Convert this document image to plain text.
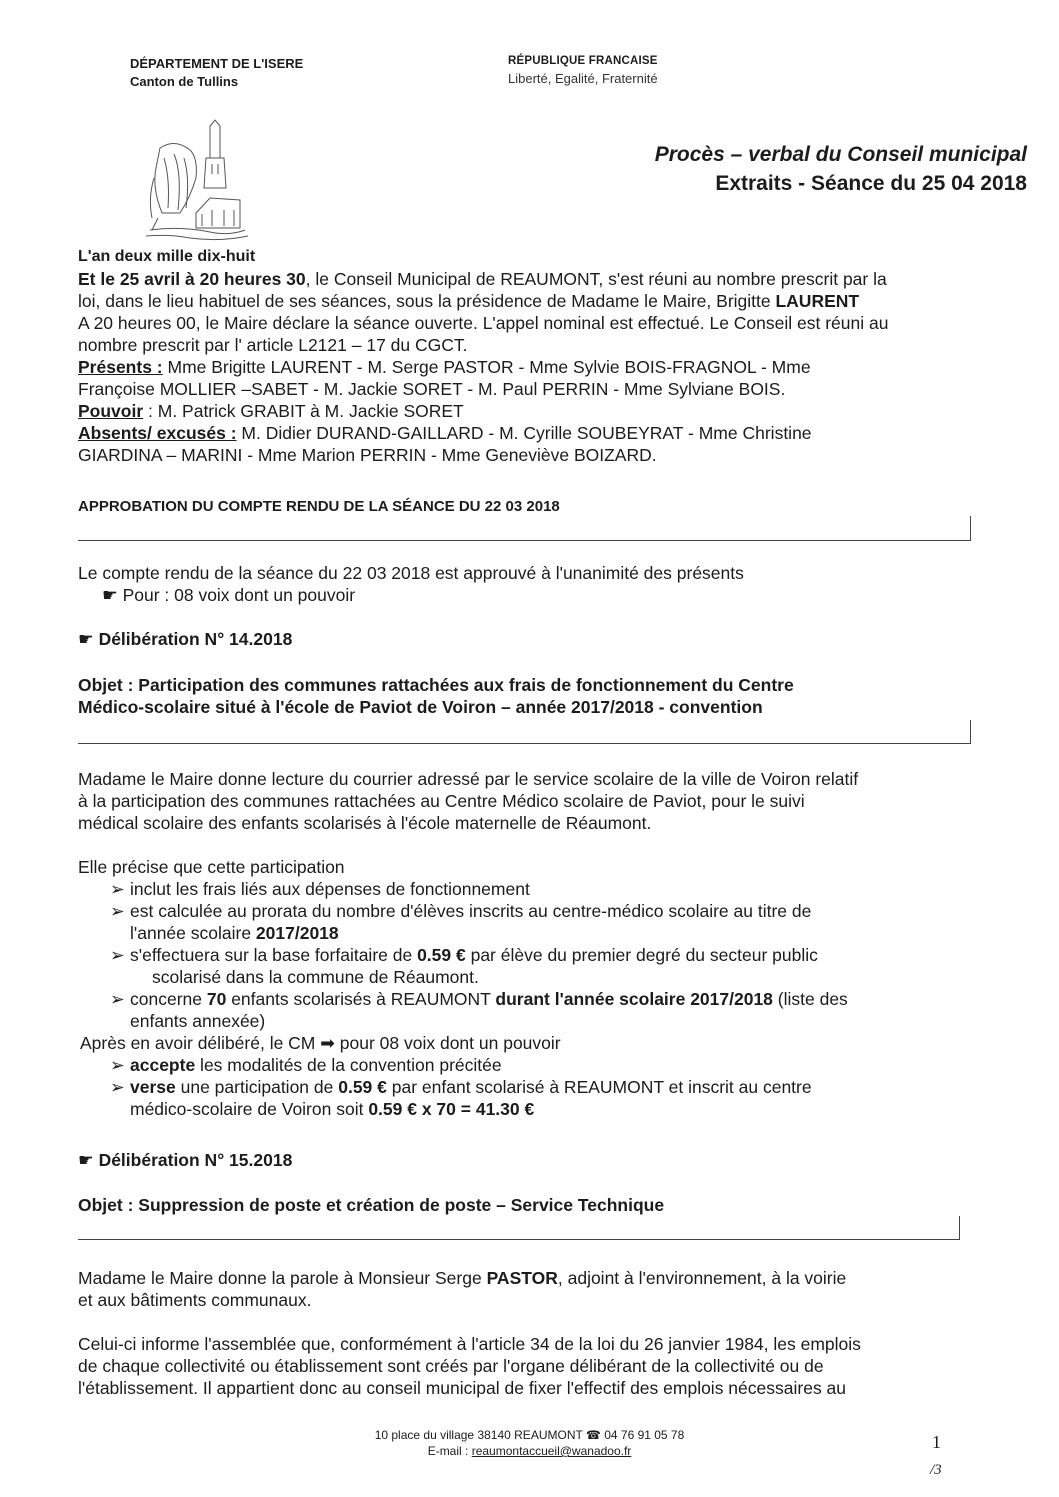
DÉPARTEMENT DE L'ISERE
Canton de Tullins
RÉPUBLIQUE FRANCAISE
Liberté, Egalité, Fraternité
Procès – verbal du Conseil municipal
Extraits - Séance du 25 04 2018

L'an deux mille dix-huit

Et le 25 avril à 20 heures 30, le Conseil Municipal de REAUMONT, s'est réuni au nombre prescrit par la

loi, dans le lieu habituel de ses séances, sous la présidence de Madame le Maire, Brigitte LAURENT

A 20 heures 00, le Maire déclare la séance ouverte. L'appel nominal est effectué. Le Conseil est réuni au

nombre prescrit par l' article L2121 – 17 du CGCT.

Présents : Mme Brigitte LAURENT - M. Serge PASTOR - Mme Sylvie BOIS-FRAGNOL - Mme

Françoise MOLLIER –SABET - M. Jackie SORET - M. Paul PERRIN - Mme Sylviane BOIS.

Pouvoir : M. Patrick GRABIT à M. Jackie SORET

Absents/ excusés : M. Didier DURAND-GAILLARD - M. Cyrille SOUBEYRAT - Mme Christine

GIARDINA – MARINI - Mme Marion PERRIN - Mme Geneviève BOIZARD.

APPROBATION DU COMPTE RENDU DE LA SÉANCE DU 22 03 2018

Le compte rendu de la séance du 22 03 2018 est approuvé à l'unanimité des présents

☛ Pour : 08 voix dont un pouvoir

☛ Délibération N° 14.2018

Objet : Participation des communes rattachées aux frais de fonctionnement du Centre

Médico-scolaire situé à l'école de Paviot de Voiron – année 2017/2018 - convention

Madame le Maire donne lecture du courrier adressé par le service scolaire de la ville de Voiron relatif

à la participation des communes rattachées au Centre Médico scolaire de Paviot, pour le suivi

médical scolaire des enfants scolarisés à l'école maternelle de Réaumont.

Elle précise que cette participation

➢ inclut les frais liés aux dépenses de fonctionnement
➢ est calculée au prorata du nombre d'élèves inscrits au centre-médico scolaire au titre de
l'année scolaire 2017/2018
➢ s'effectuera sur la base forfaitaire de 0.59 € par élève du premier degré du secteur public
scolarisé dans la commune de Réaumont.
➢ concerne 70 enfants scolarisés à REAUMONT durant l'année scolaire 2017/2018 (liste des
enfants annexée)

Après en avoir délibéré, le CM ➡ pour 08 voix dont un pouvoir

➢ accepte les modalités de la convention précitée
➢ verse une participation de 0.59 € par enfant scolarisé à REAUMONT et inscrit au centre
médico-scolaire de Voiron soit 0.59 € x 70 = 41.30 €
☛ Délibération N° 15.2018
Objet : Suppression de poste et création de poste – Service Technique

Madame le Maire donne la parole à Monsieur Serge PASTOR, adjoint à l'environnement, à la voirie

et aux bâtiments communaux.

Celui-ci informe l'assemblée que, conformément à l'article 34 de la loi du 26 janvier 1984, les emplois

de chaque collectivité ou établissement sont créés par l'organe délibérant de la collectivité ou de

l'établissement. Il appartient donc au conseil municipal de fixer l'effectif des emplois nécessaires au

10 place du village 38140 REAUMONT ☎ 04 76 91 05 78
E-mail : reaumontaccueil@wanadoo.fr	1
/3
